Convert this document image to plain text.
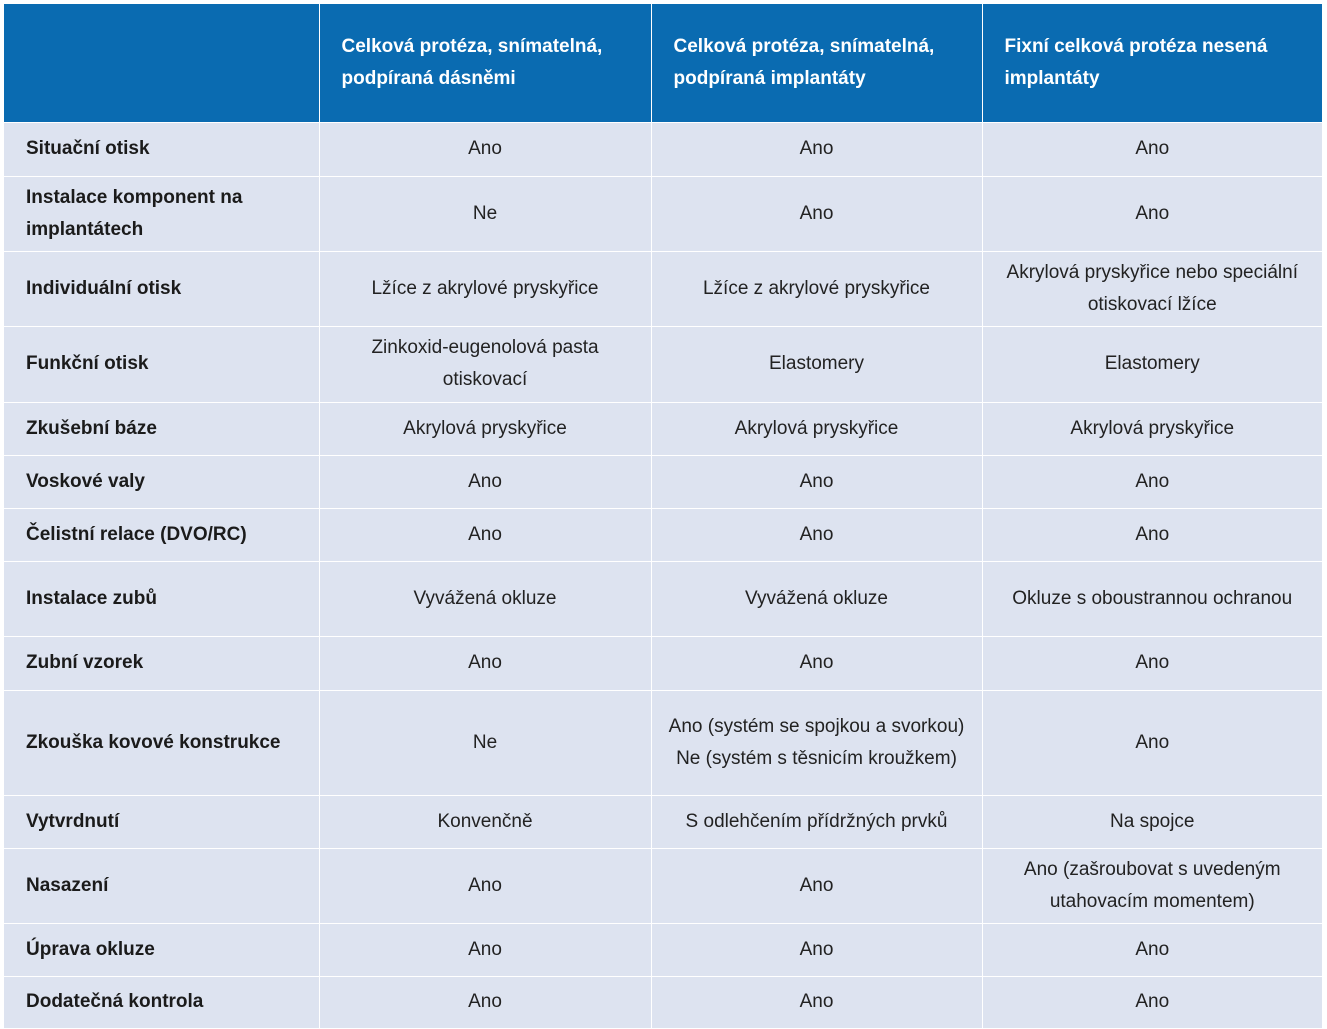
	Celková protéza, snímatelná, podpíraná dásněmi	Celková protéza, snímatelná, podpíraná implantáty	Fixní celková protéza nesená implantáty
Situační otisk	Ano	Ano	Ano
Instalace komponent na implantátech	Ne	Ano	Ano
Individuální otisk	Lžíce z akrylové pryskyřice	Lžíce z akrylové pryskyřice	Akrylová pryskyřice nebo speciální otiskovací lžíce
Funkční otisk	Zinkoxid-eugenolová pasta otiskovací	Elastomery	Elastomery
Zkušební báze	Akrylová pryskyřice	Akrylová pryskyřice	Akrylová pryskyřice
Voskové valy	Ano	Ano	Ano
Čelistní relace (DVO/RC)	Ano	Ano	Ano
Instalace zubů	Vyvážená okluze	Vyvážená okluze	Okluze s oboustrannou ochranou
Zubní vzorek	Ano	Ano	Ano
Zkouška kovové konstrukce	Ne	Ano (systém se spojkou a svorkou) Ne (systém s těsnicím kroužkem)	Ano
Vytvrdnutí	Konvenčně	S odlehčením přídržných prvků	Na spojce
Nasazení	Ano	Ano	Ano (zašroubovat s uvedeným utahovacím momentem)
Úprava okluze	Ano	Ano	Ano
Dodatečná kontrola	Ano	Ano	Ano
